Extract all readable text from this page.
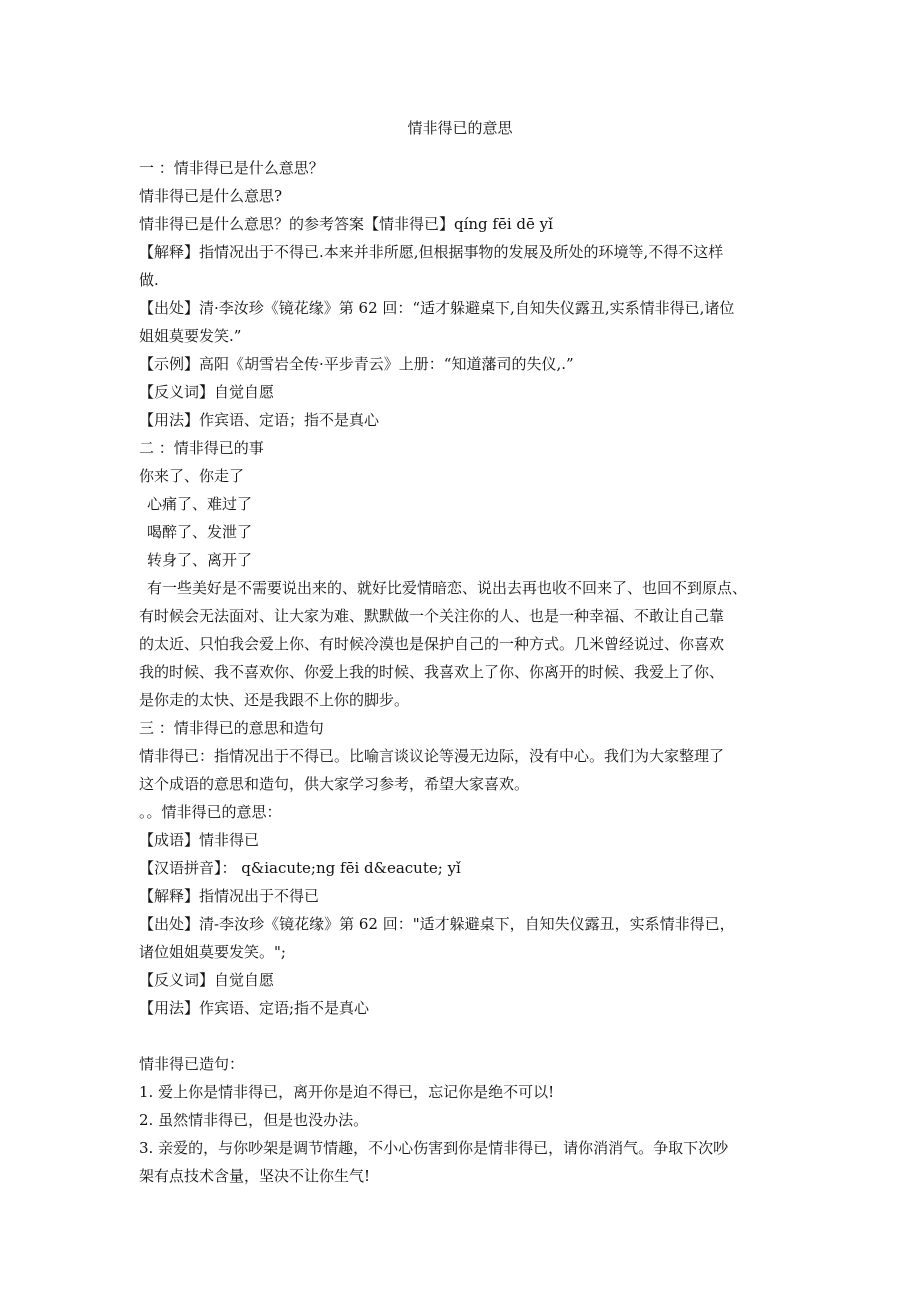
情非得已的意思
一 ：情非得已是什么意思？
情非得已是什么意思?
情非得已是什么意思？的参考答案【情非得已】qíng fēi dē yǐ
【解释】指情况出于不得已.本来并非所愿,但根据事物的发展及所处的环境等,不得不这样
做.
【出处】清·李汝珍《镜花缘》第 62 回：“适才躲避桌下,自知失仪露丑,实系情非得已,诸位
姐姐莫要发笑.”
【示例】高阳《胡雪岩全传·平步青云》上册：“知道藩司的失仪,.”
【反义词】自觉自愿
【用法】作宾语、定语；指不是真心
二 ：情非得已的事
你来了、你走了
心痛了、难过了
喝醉了、发泄了
转身了、离开了
有一些美好是不需要说出来的、就好比爱情暗恋、说出去再也收不回来了、也回不到原点、
有时候会无法面对、让大家为难、默默做一个关注你的人、也是一种幸福、不敢让自己靠
的太近、只怕我会爱上你、有时候冷漠也是保护自己的一种方式。几米曾经说过、你喜欢
我的时候、我不喜欢你、你爱上我的时候、我喜欢上了你、你离开的时候、我爱上了你、
是你走的太快、还是我跟不上你的脚步。
三 ：情非得已的意思和造句
情非得已：指情况出于不得已。比喻言谈议论等漫无边际，没有中心。我们为大家整理了
这个成语的意思和造句，供大家学习参考，希望大家喜欢。
。。情非得已的意思：
【成语】情非得已
【汉语拼音】： q&iacute;ng fēi d&eacute; yǐ
【解释】指情况出于不得已
【出处】清-李汝珍《镜花缘》第 62 回："适才躲避桌下，自知失仪露丑，实系情非得已，
诸位姐姐莫要发笑。";
【反义词】自觉自愿
【用法】作宾语、定语;指不是真心
情非得已造句：
1. 爱上你是情非得已，离开你是迫不得已，忘记你是绝不可以!
2. 虽然情非得已，但是也没办法。
3. 亲爱的，与你吵架是调节情趣，不小心伤害到你是情非得已，请你消消气。争取下次吵
架有点技术含量，坚决不让你生气!
